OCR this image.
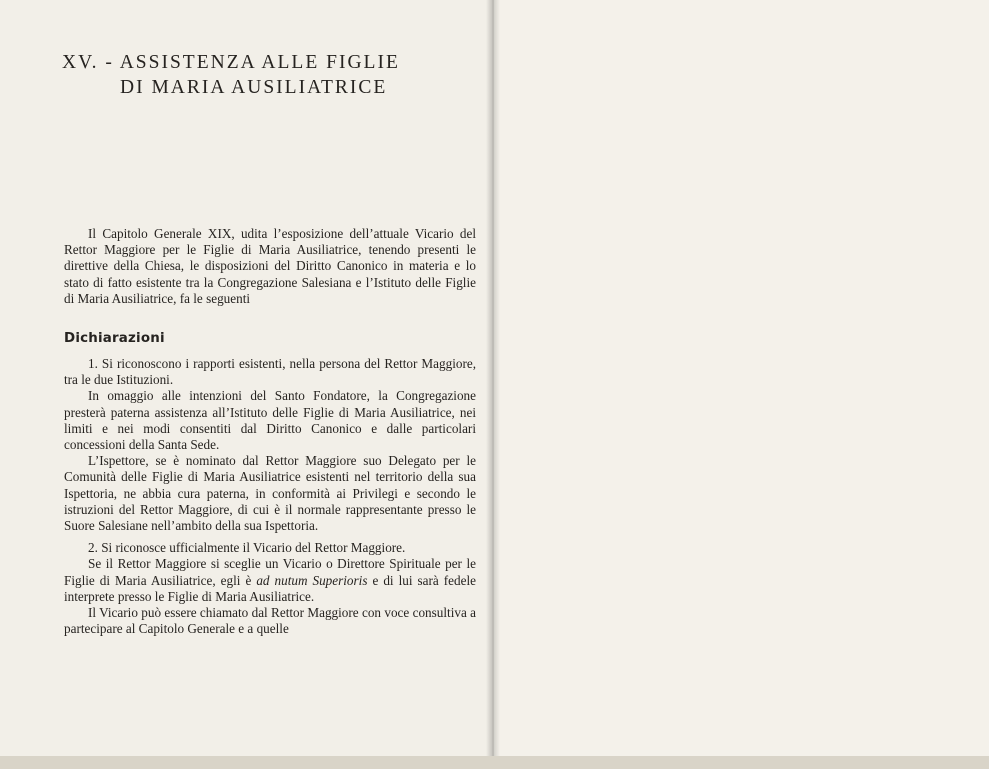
XV. - ASSISTENZA ALLE FIGLIE

DI MARIA AUSILIATRICE

Il Capitolo Generale XIX, udita l’esposizione dell’attuale Vicario del Rettor Maggiore per le Figlie di Maria Ausiliatrice, tenendo presenti le direttive della Chiesa, le disposizioni del Diritto Canonico in materia e lo stato di fatto esistente tra la Congregazione Salesiana e l’Istituto delle Figlie di Maria Ausiliatrice, fa le seguenti

Dichiarazioni

1. Si riconoscono i rapporti esistenti, nella persona del Rettor Maggiore, tra le due Istituzioni.

In omaggio alle intenzioni del Santo Fondatore, la Congregazione presterà paterna assistenza all’Istituto delle Figlie di Maria Ausiliatrice, nei limiti e nei modi consentiti dal Diritto Canonico e dalle particolari concessioni della Santa Sede.

L’Ispettore, se è nominato dal Rettor Maggiore suo Delegato per le Comunità delle Figlie di Maria Ausiliatrice esistenti nel territorio della sua Ispettoria, ne abbia cura paterna, in conformità ai Privilegi e secondo le istruzioni del Rettor Maggiore, di cui è il normale rappresentante presso le Suore Salesiane nell’ambito della sua Ispettoria.

2. Si riconosce ufficialmente il Vicario del Rettor Maggiore.

Se il Rettor Maggiore si sceglie un Vicario o Direttore Spirituale per le Figlie di Maria Ausiliatrice, egli è ad nutum Superioris e di lui sarà fedele interprete presso le Figlie di Maria Ausiliatrice.

Il Vicario può essere chiamato dal Rettor Maggiore con voce consultiva a partecipare al Capitolo Generale e a quelle
